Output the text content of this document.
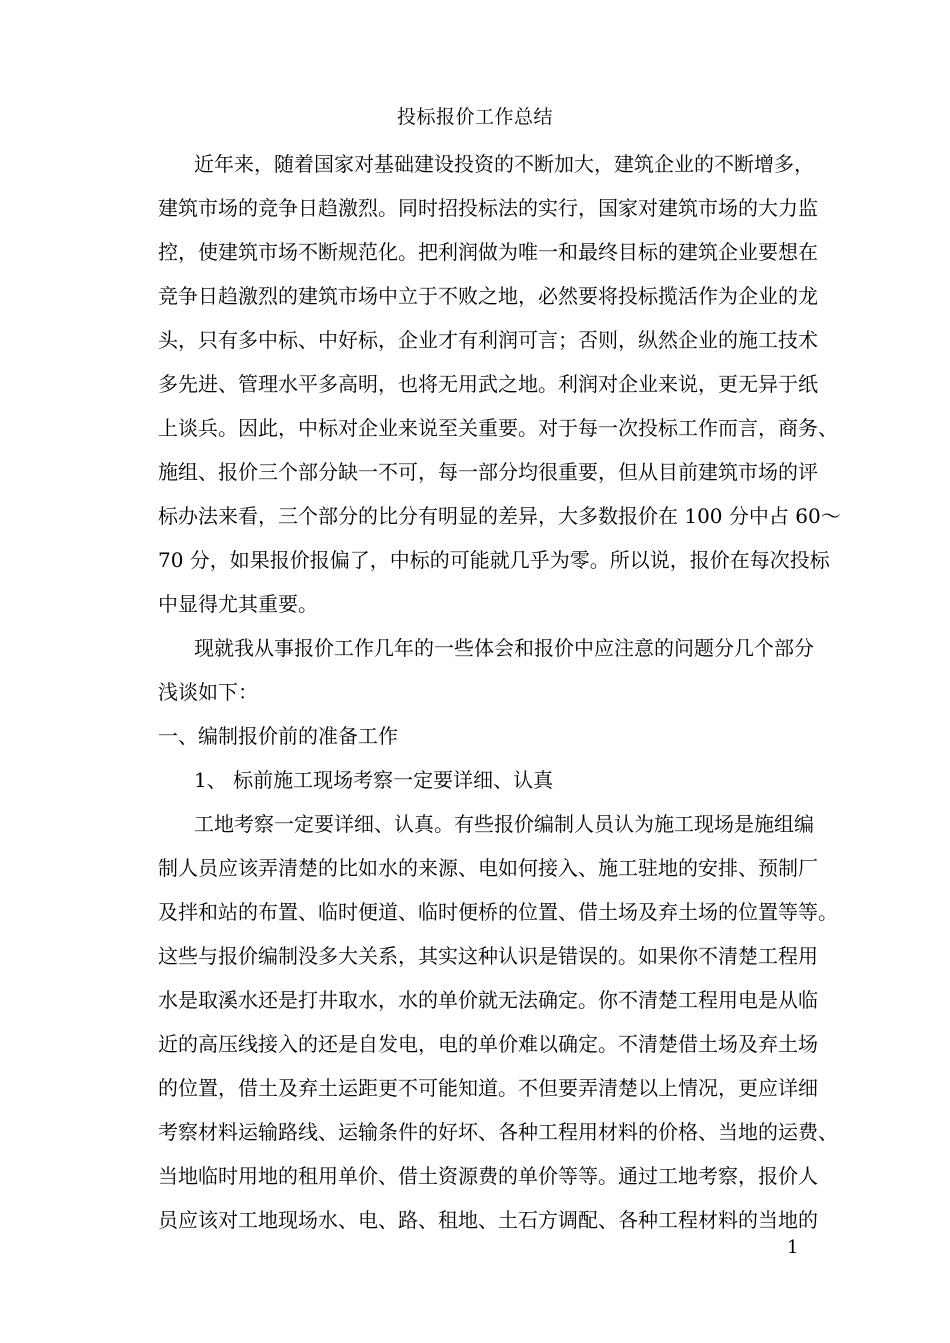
投标报价工作总结
近年来，随着国家对基础建设投资的不断加大，建筑企业的不断增多，
建筑市场的竞争日趋激烈。同时招投标法的实行，国家对建筑市场的大力监
控，使建筑市场不断规范化。把利润做为唯一和最终目标的建筑企业要想在
竞争日趋激烈的建筑市场中立于不败之地，必然要将投标揽活作为企业的龙
头，只有多中标、中好标，企业才有利润可言；否则，纵然企业的施工技术
多先进、管理水平多高明，也将无用武之地。利润对企业来说，更无异于纸
上谈兵。因此，中标对企业来说至关重要。对于每一次投标工作而言，商务、
施组、报价三个部分缺一不可，每一部分均很重要，但从目前建筑市场的评
标办法来看，三个部分的比分有明显的差异，大多数报价在 100 分中占 60～
70 分，如果报价报偏了，中标的可能就几乎为零。所以说，报价在每次投标
中显得尤其重要。
现就我从事报价工作几年的一些体会和报价中应注意的问题分几个部分
浅谈如下：
一、编制报价前的准备工作
1、 标前施工现场考察一定要详细、认真
工地考察一定要详细、认真。有些报价编制人员认为施工现场是施组编
制人员应该弄清楚的比如水的来源、电如何接入、施工驻地的安排、预制厂
及拌和站的布置、临时便道、临时便桥的位置、借土场及弃土场的位置等等。
这些与报价编制没多大关系，其实这种认识是错误的。如果你不清楚工程用
水是取溪水还是打井取水，水的单价就无法确定。你不清楚工程用电是从临
近的高压线接入的还是自发电，电的单价难以确定。不清楚借土场及弃土场
的位置，借土及弃土运距更不可能知道。不但要弄清楚以上情况，更应详细
考察材料运输路线、运输条件的好坏、各种工程用材料的价格、当地的运费、
当地临时用地的租用单价、借土资源费的单价等等。通过工地考察，报价人
员应该对工地现场水、电、路、租地、土石方调配、各种工程材料的当地的
1
